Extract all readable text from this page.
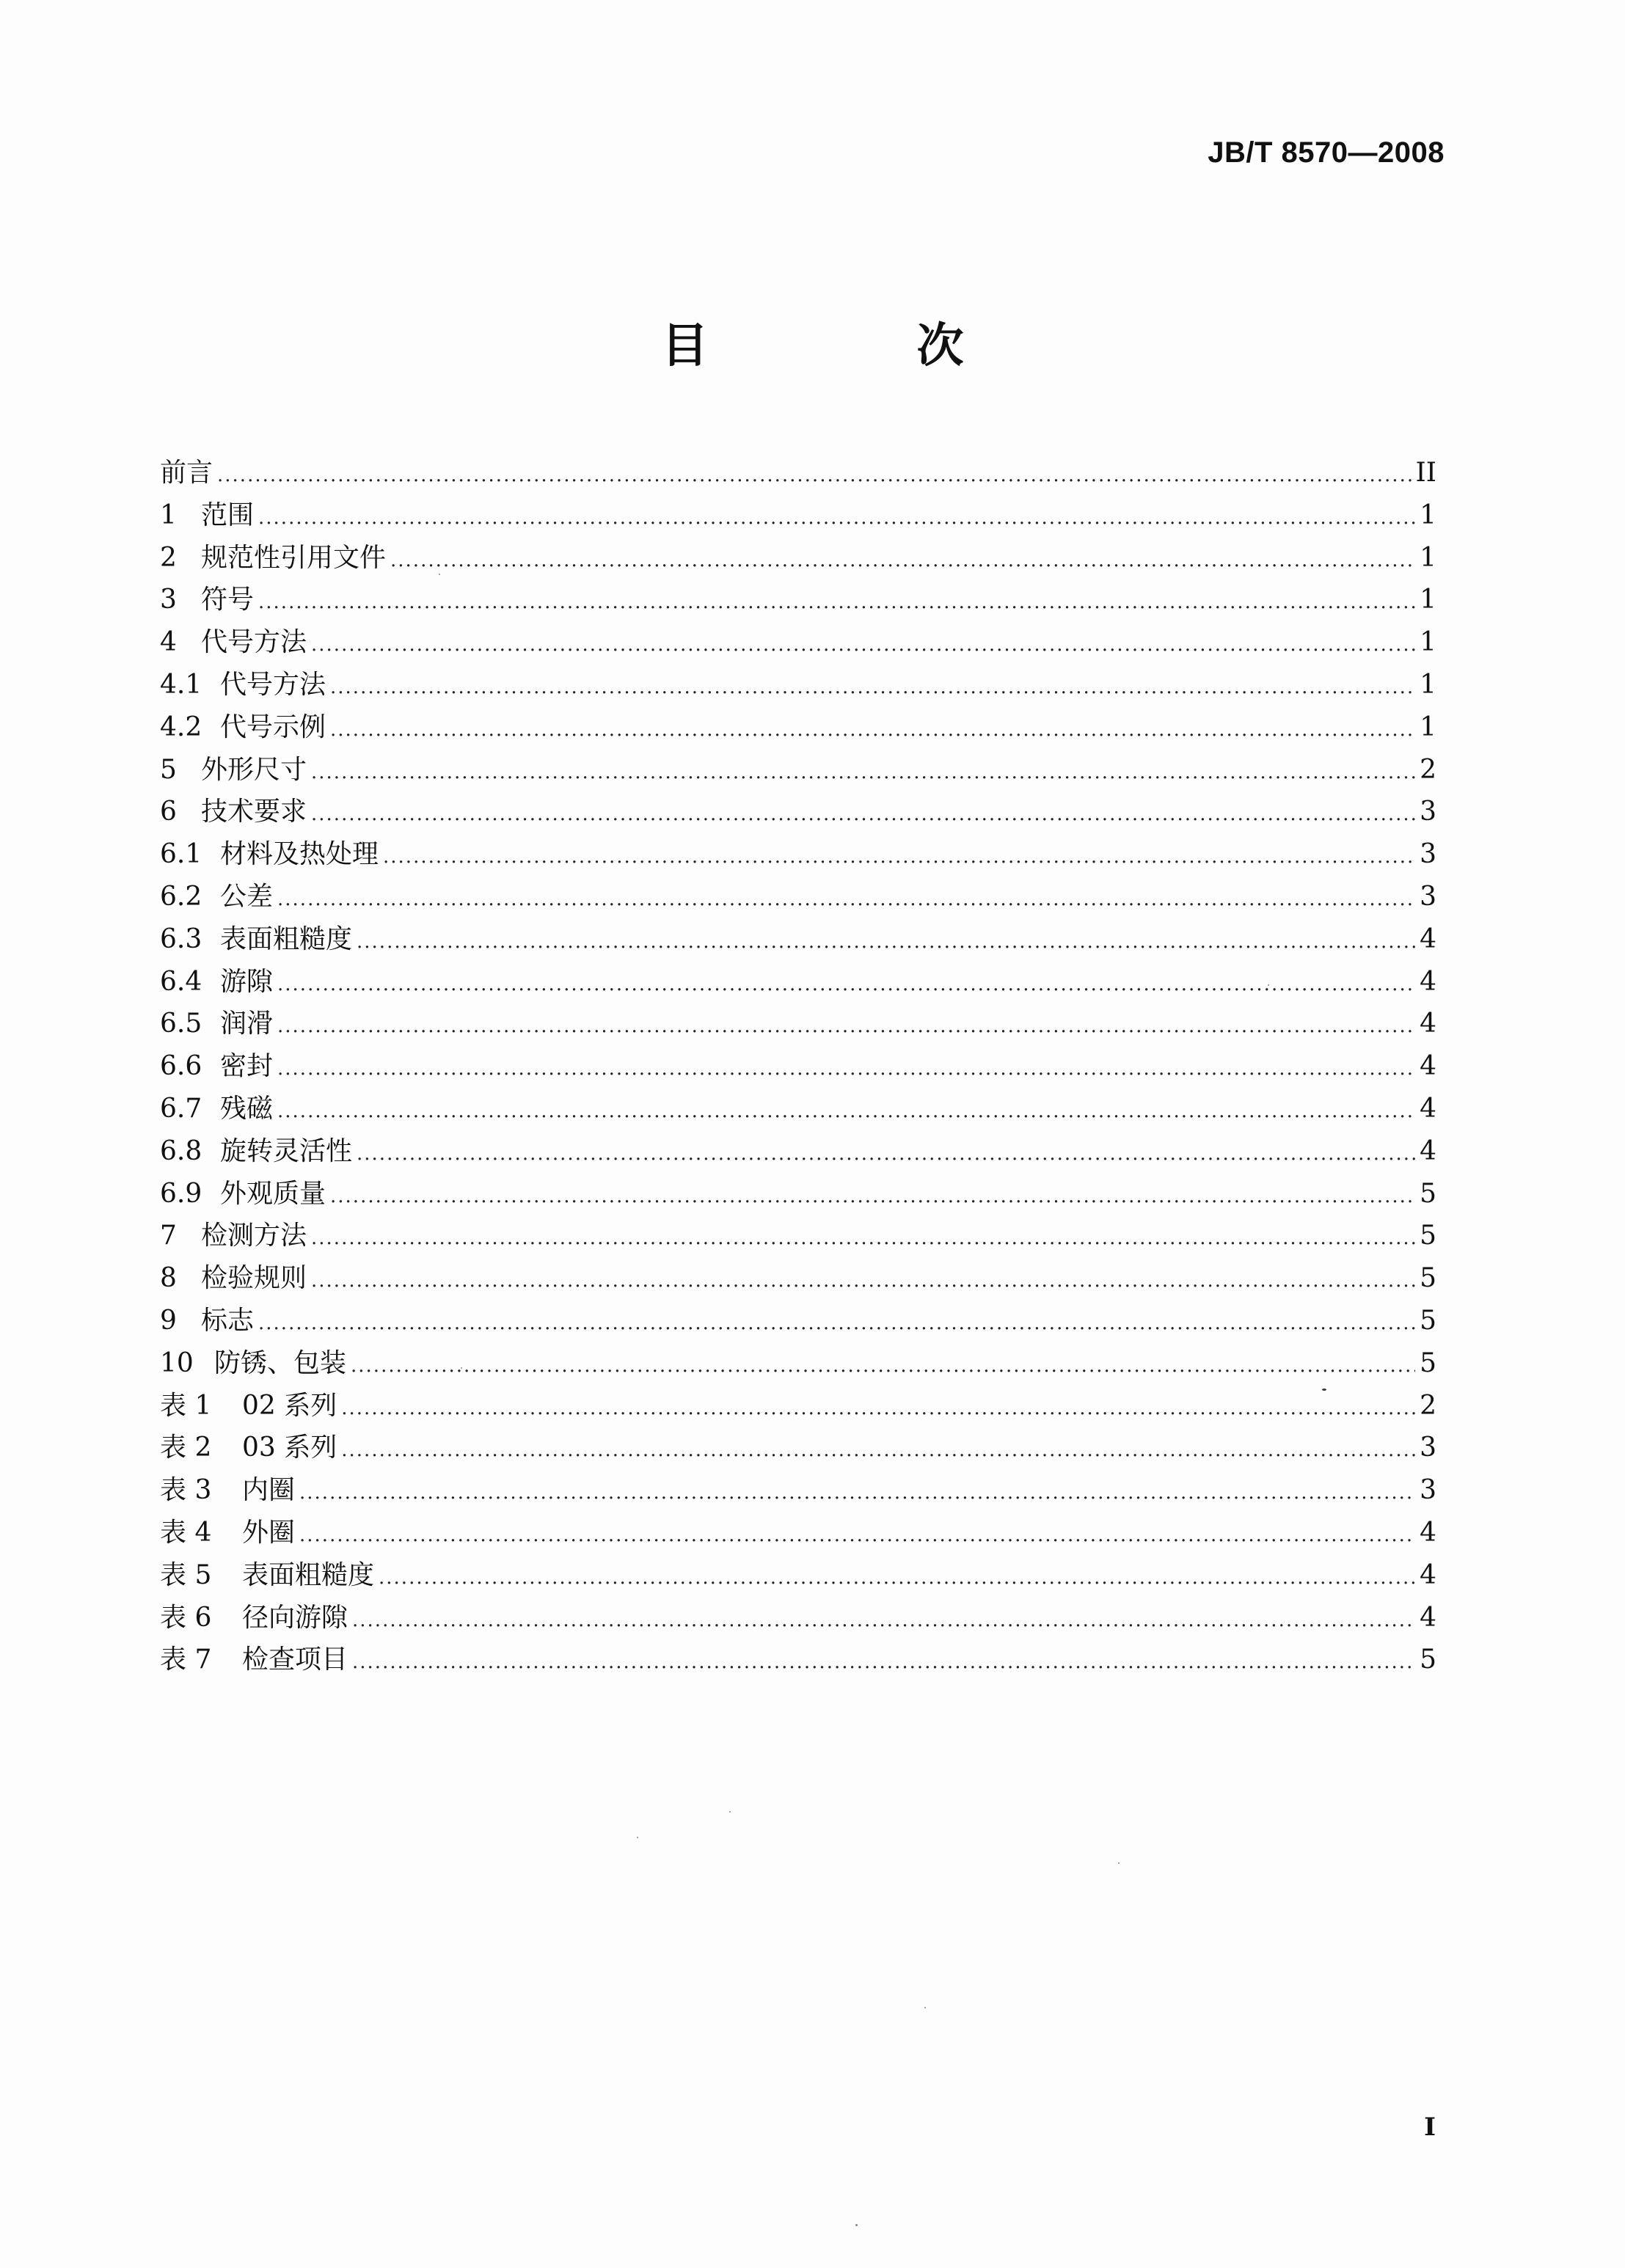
JB/T 8570—2008
目　次
前言 .....	II
1 范围 .....	1
2 规范性引用文件 .....	1
3 符号 .....	1
4 代号方法 .....	1
4.1 代号方法 .....	1
4.2 代号示例 .....	1
5 外形尺寸 .....	2
6 技术要求 .....	3
6.1 材料及热处理 .....	3
6.2 公差 .....	3
6.3 表面粗糙度 .....	4
6.4 游隙 .....	4
6.5 润滑 .....	4
6.6 密封 .....	4
6.7 残磁 .....	4
6.8 旋转灵活性 .....	4
6.9 外观质量 .....	5
7 检测方法 .....	5
8 检验规则 .....	5
9 标志 .....	5
10 防锈、包装 .....	5
表 1	02 系列 .....	2
表 2	03 系列 .....	3
表 3	内圈 .....	3
表 4	外圈 .....	4
表 5	表面粗糙度 .....	4
表 6	径向游隙 .....	4
表 7	检查项目 .....	5
I
